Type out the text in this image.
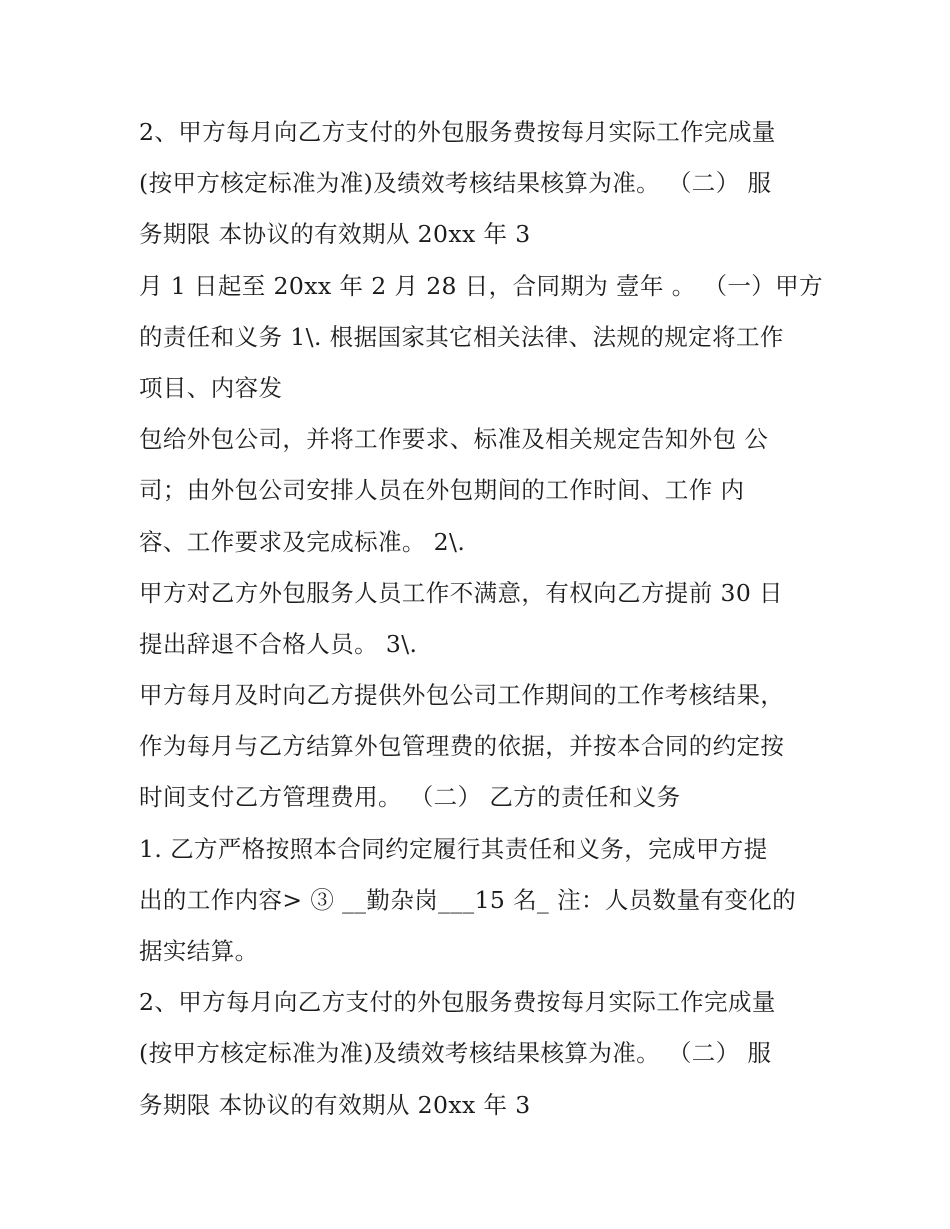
2、甲方每月向乙方支付的外包服务费按每月实际工作完成量
(按甲方核定标准为准)及绩效考核结果核算为准。 （二） 服
务期限 本协议的有效期从 20xx 年 3
月 1 日起至 20xx 年 2 月 28 日，合同期为 壹年 。 （一）甲方
的责任和义务 1\. 根据国家其它相关法律、法规的规定将工作
项目、内容发
包给外包公司，并将工作要求、标准及相关规定告知外包 公
司；由外包公司安排人员在外包期间的工作时间、工作 内
容、工作要求及完成标准。 2\.
甲方对乙方外包服务人员工作不满意，有权向乙方提前 30 日
提出辞退不合格人员。 3\.
甲方每月及时向乙方提供外包公司工作期间的工作考核结果，
作为每月与乙方结算外包管理费的依据，并按本合同的约定按
时间支付乙方管理费用。 （二） 乙方的责任和义务
1. 乙方严格按照本合同约定履行其责任和义务，完成甲方提
出的工作内容> ③ __勤杂岗___15 名_ 注：人员数量有变化的
据实结算。
2、甲方每月向乙方支付的外包服务费按每月实际工作完成量
(按甲方核定标准为准)及绩效考核结果核算为准。 （二） 服
务期限 本协议的有效期从 20xx 年 3
